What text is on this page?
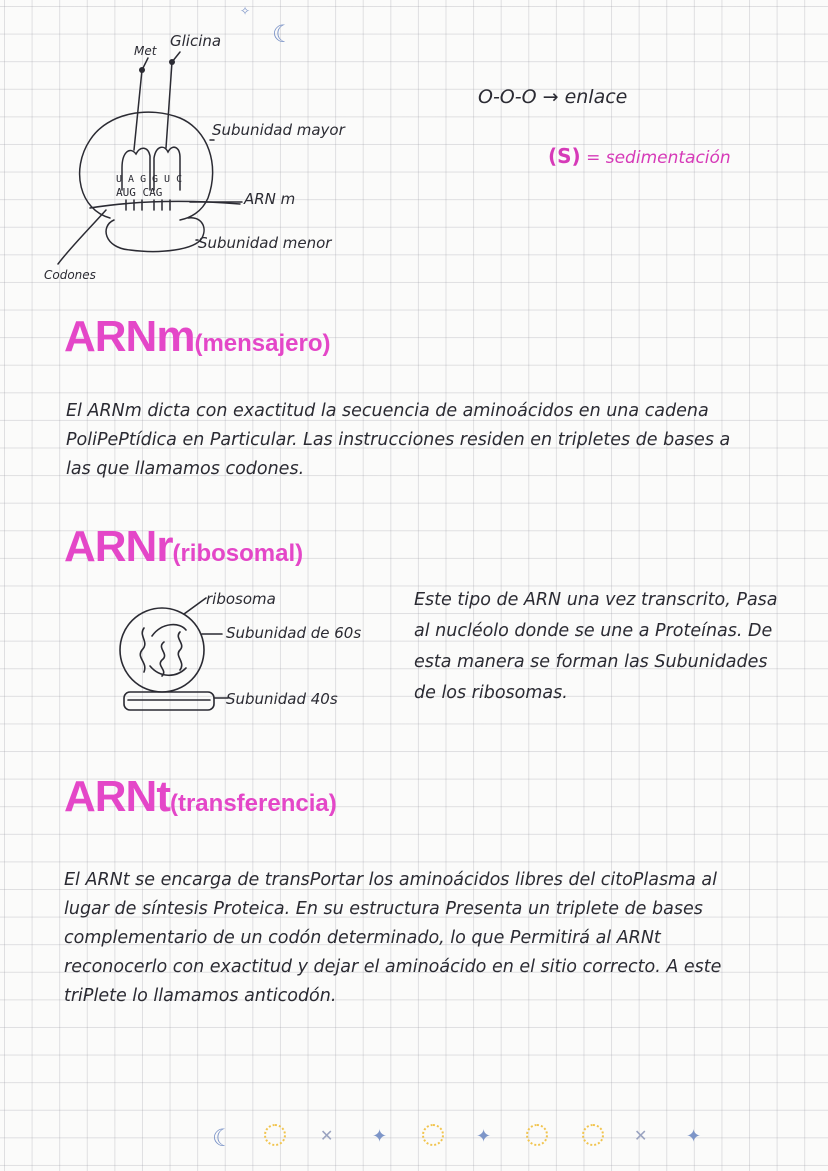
☾
✧
U A G G U C
AUG CAG
Met
Glicina
Subunidad mayor
ARN m
Subunidad menor
Codones
O-O-O → enlace
(S) = sedimentación
ARNm(mensajero)

El ARNm dicta con exactitud la secuencia de aminoácidos en una cadena PoliPePtídica en Particular. Las instrucciones residen en tripletes de bases a las que llamamos codones.

ARNr(ribosomal)
ribosoma
Subunidad de 60s
Subunidad 40s

Este tipo de ARN una vez transcrito, Pasa al nucléolo donde se une a Proteínas. De esta manera se forman las Subunidades de los ribosomas.

ARNt(transferencia)

El ARNt se encarga de transPortar los aminoácidos libres del citoPlasma al lugar de síntesis Proteica. En su estructura Presenta un triplete de bases complementario de un codón determinado, lo que Permitirá al ARNt reconocerlo con exactitud y dejar el aminoácido en el sitio correcto. A este triPlete lo llamamos anticodón.

☾	✕ ✦	✦	✕ ✦
